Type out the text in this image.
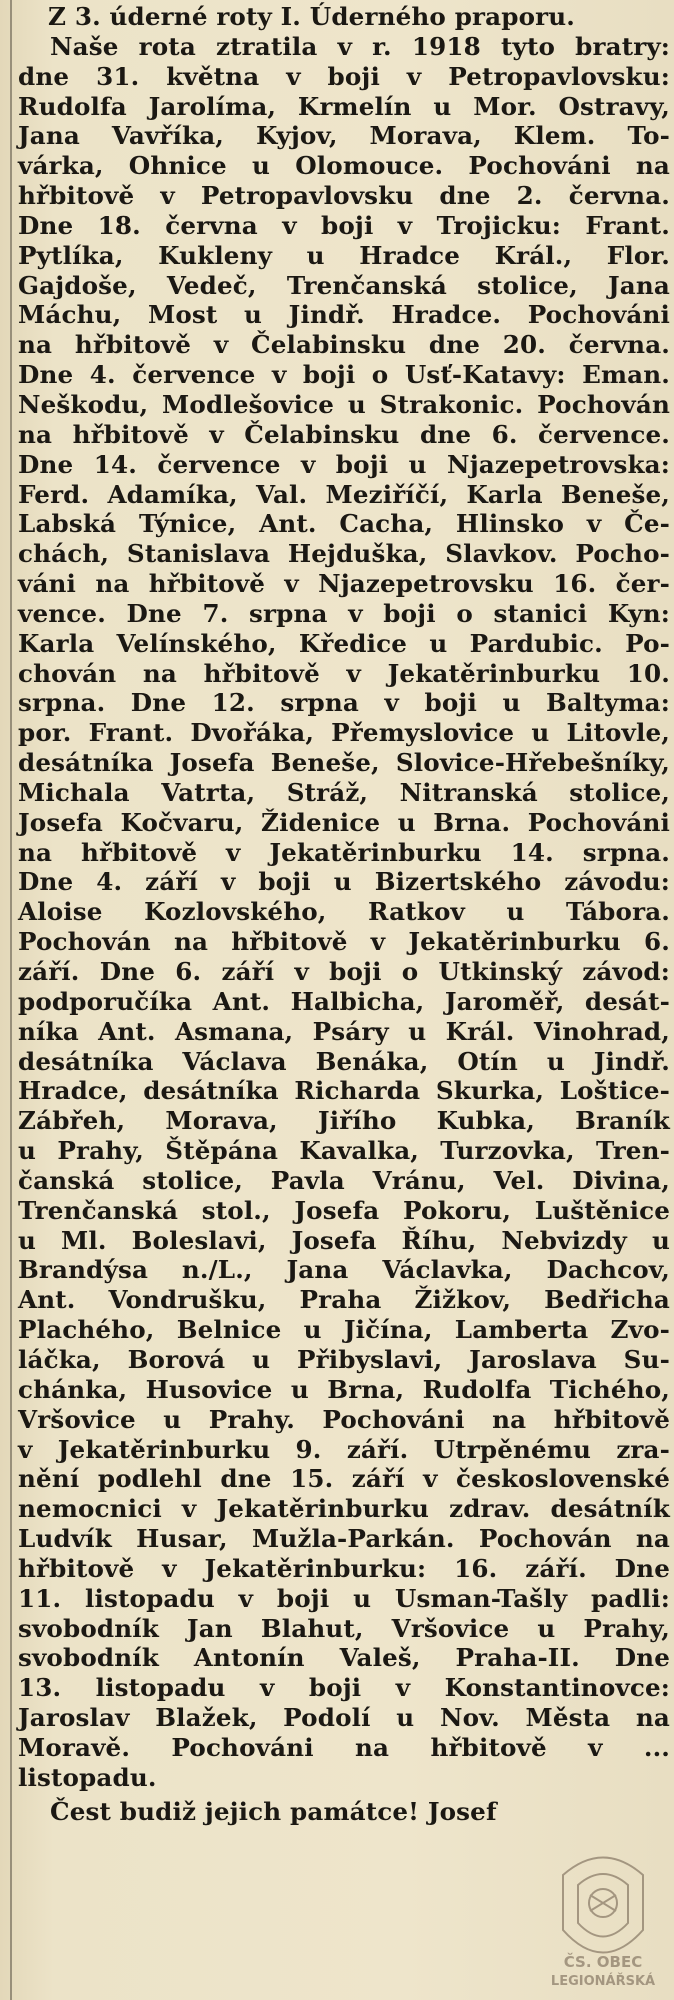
Z 3. úderné roty I. Úderného praporu.
Naše rota ztratila v r. 1918 tyto bratry:
dne 31. května v boji v Petropavlovsku:
Rudolfa Jarolíma, Krmelín u Mor. Ostravy,
Jana Vavříka, Kyjov, Morava, Klem. To-
várka, Ohnice u Olomouce. Pochováni na
hřbitově v Petropavlovsku dne 2. června.
Dne 18. června v boji v Trojicku: Frant.
Pytlíka, Kukleny u Hradce Král., Flor.
Gajdoše, Vedeč, Trenčanská stolice, Jana
Máchu, Most u Jindř. Hradce. Pochováni
na hřbitově v Čelabinsku dne 20. června.
Dne 4. července v boji o Usť-Katavy: Eman.
Neškodu, Modlešovice u Strakonic. Pochován
na hřbitově v Čelabinsku dne 6. července.
Dne 14. července v boji u Njazepetrovska:
Ferd. Adamíka, Val. Meziříčí, Karla Beneše,
Labská Týnice, Ant. Cacha, Hlinsko v Če-
chách, Stanislava Hejduška, Slavkov. Pocho-
váni na hřbitově v Njazepetrovsku 16. čer-
vence. Dne 7. srpna v boji o stanici Kyn:
Karla Velínského, Kředice u Pardubic. Po-
chován na hřbitově v Jekatěrinburku 10.
srpna. Dne 12. srpna v boji u Baltyma:
por. Frant. Dvořáka, Přemyslovice u Litovle,
desátníka Josefa Beneše, Slovice-Hřebešníky,
Michala Vatrta, Stráž, Nitranská stolice,
Josefa Kočvaru, Židenice u Brna. Pochováni
na hřbitově v Jekatěrinburku 14. srpna.
Dne 4. září v boji u Bizertského závodu:
Aloise Kozlovského, Ratkov u Tábora.
Pochován na hřbitově v Jekatěrinburku 6.
září. Dne 6. září v boji o Utkinský závod:
podporučíka Ant. Halbicha, Jaroměř, desát-
níka Ant. Asmana, Psáry u Král. Vinohrad,
desátníka Václava Benáka, Otín u Jindř.
Hradce, desátníka Richarda Skurka, Loštice-
Zábřeh, Morava, Jiřího Kubka, Braník
u Prahy, Štěpána Kavalka, Turzovka, Tren-
čanská stolice, Pavla Vránu, Vel. Divina,
Trenčanská stol., Josefa Pokoru, Luštěnice
u Ml. Boleslavi, Josefa Říhu, Nebvizdy u
Brandýsa n./L., Jana Václavka, Dachcov,
Ant. Vondrušku, Praha Žižkov, Bedřicha
Plachého, Belnice u Jičína, Lamberta Zvo-
láčka, Borová u Přibyslavi, Jaroslava Su-
chánka, Husovice u Brna, Rudolfa Tichého,
Vršovice u Prahy. Pochováni na hřbitově
v Jekatěrinburku 9. září. Utrpěnému zra-
nění podlehl dne 15. září v československé
nemocnici v Jekatěrinburku zdrav. desátník
Ludvík Husar, Mužla-Parkán. Pochován na
hřbitově v Jekatěrinburku: 16. září. Dne
11. listopadu v boji u Usman-Tašly padli:
svobodník Jan Blahut, Vršovice u Prahy,
svobodník Antonín Valeš, Praha-II. Dne
13. listopadu v boji v Konstantinovce:
Jaroslav Blažek, Podolí u Nov. Města na
Moravě. Pochováni na hřbitově v ...
listopadu.
Čest budiž jejich památce! Josef
ČS. OBEC
LEGIONÁŘSKÁ
